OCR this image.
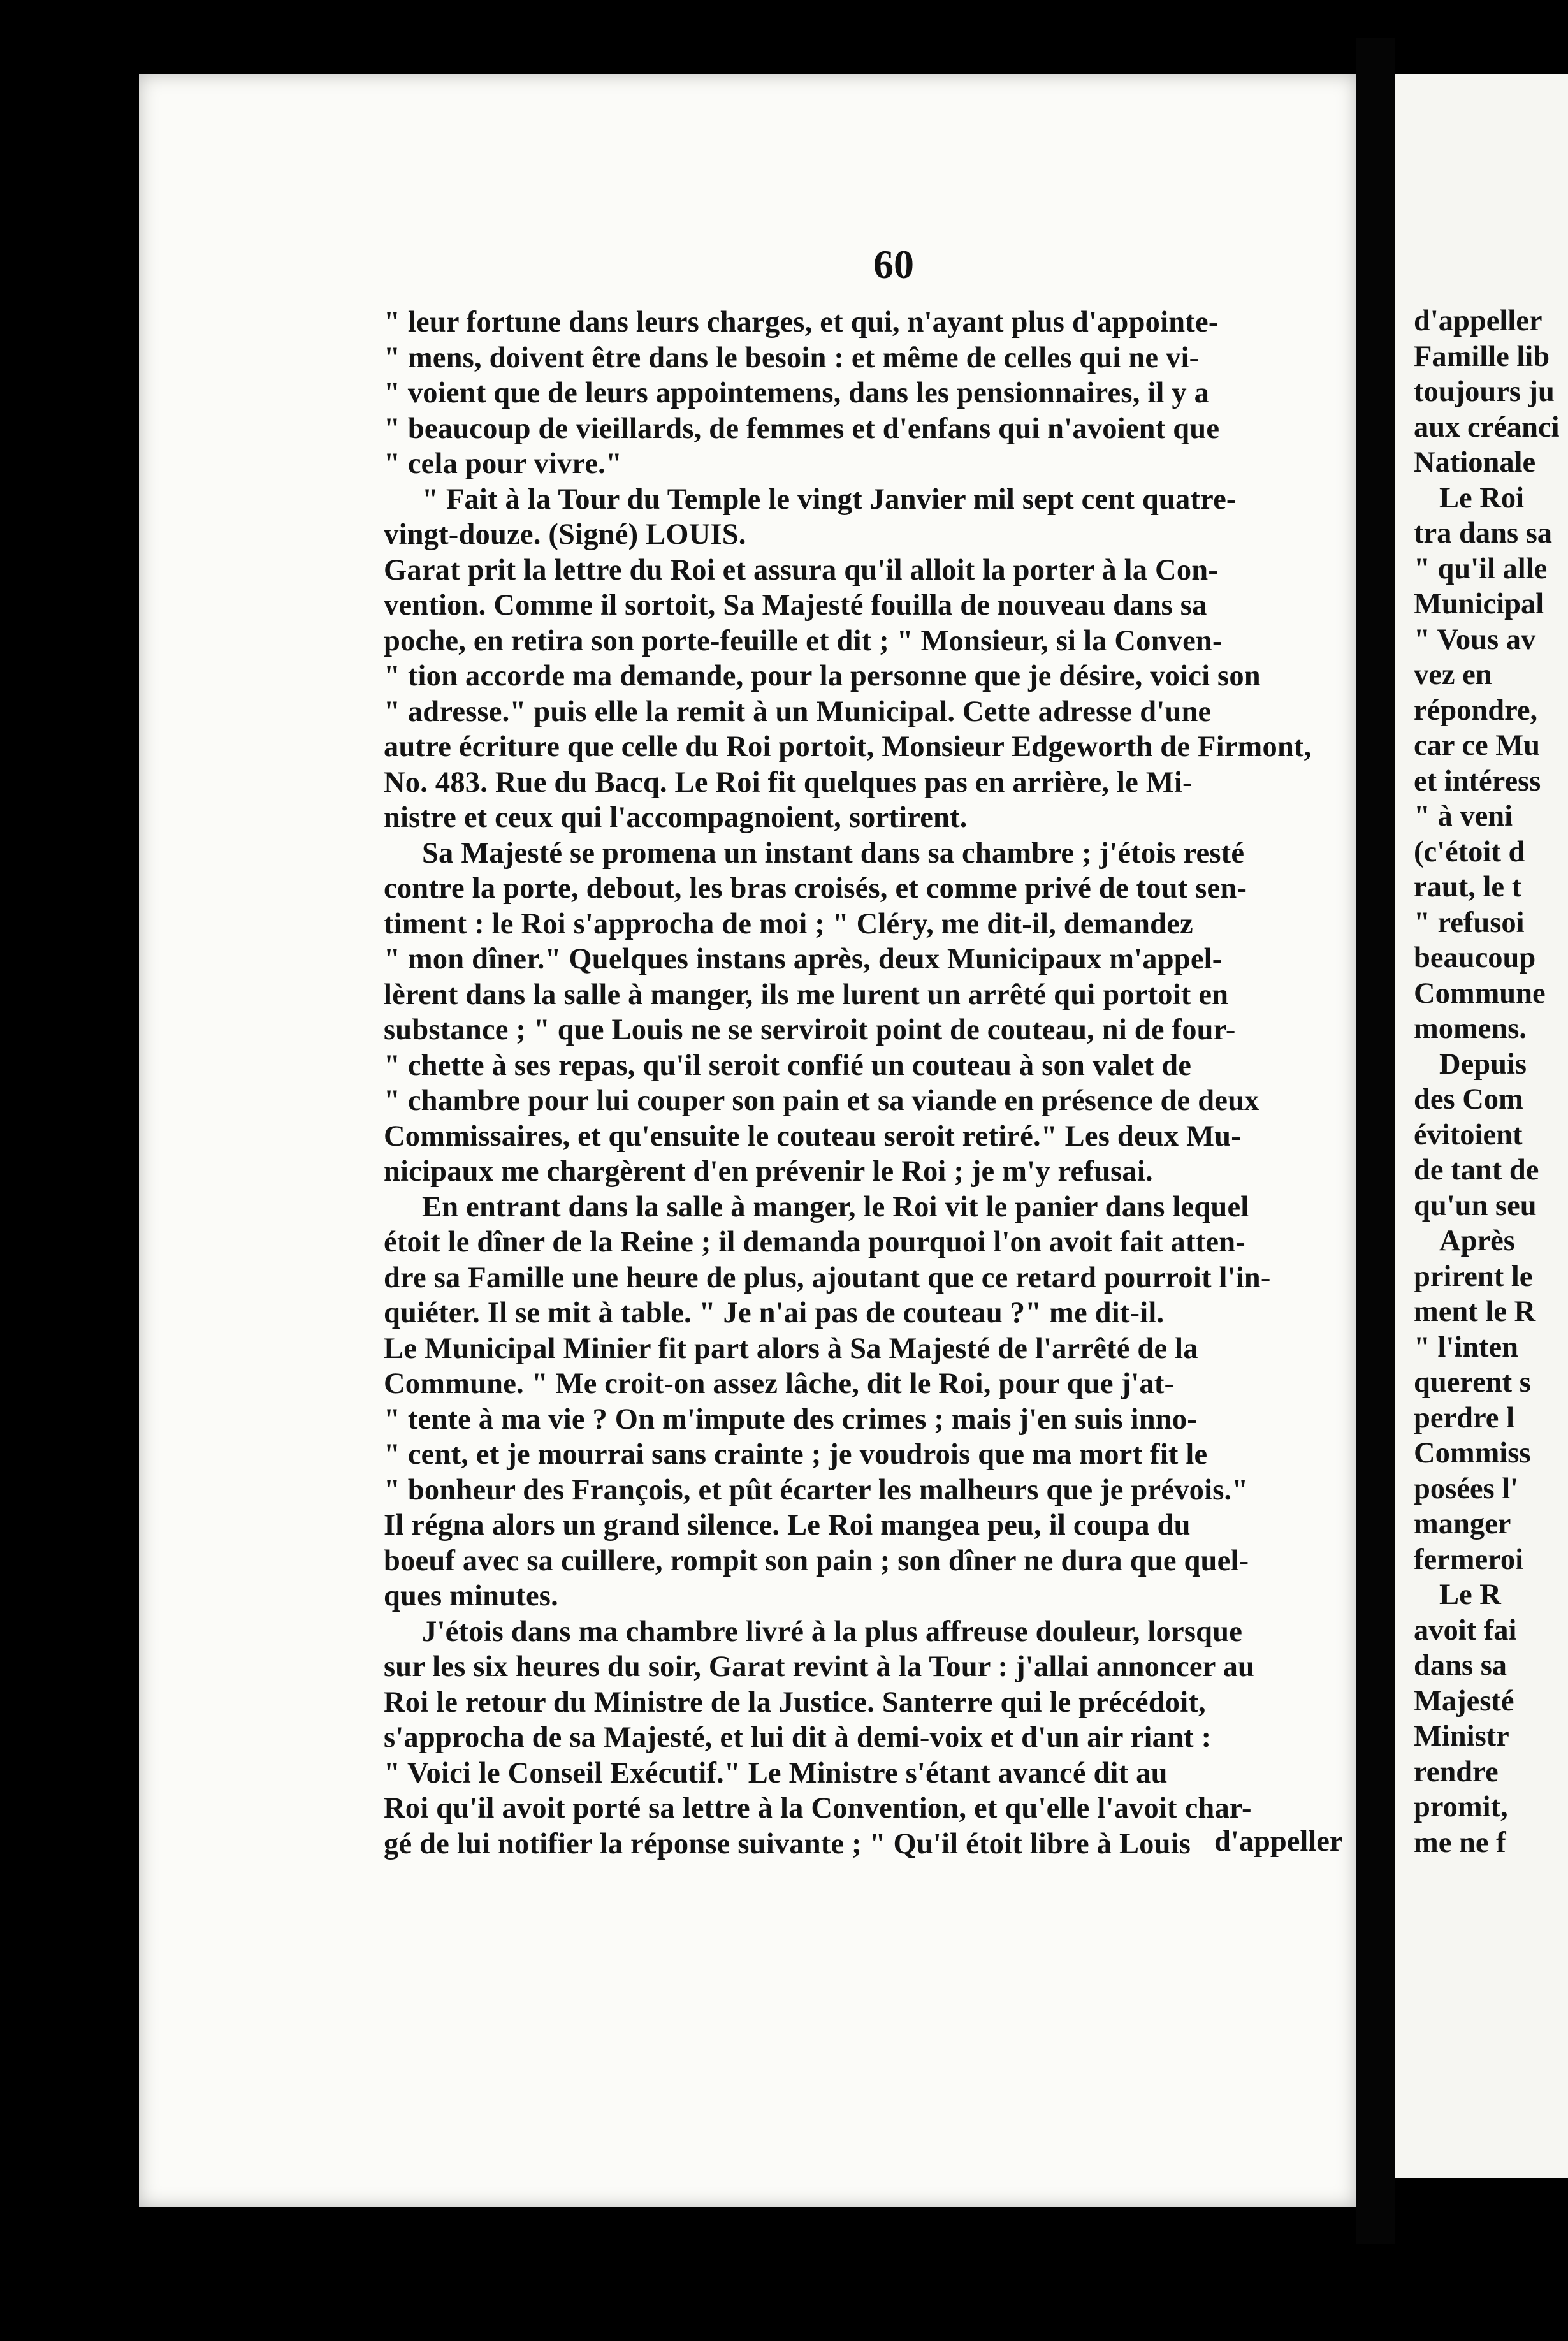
d'appeller
Famille lib
toujours ju
aux créanci
Nationale
Le Roi
tra dans sa
" qu'il alle
Municipal
" Vous av
vez en
répondre,
car ce Mu
et intéress
" à veni
(c'étoit d
raut, le t
" refusoi
beaucoup
Commune
momens.
Depuis
des Com
évitoient
de tant de
qu'un seu
Après
prirent le
ment le R
" l'inten
querent s
perdre l
Commiss
posées l'
manger
fermeroi
Le R
avoit fai
dans sa
Majesté
Ministr
rendre
promit,
me ne f
60
" leur fortune dans leurs charges, et qui, n'ayant plus d'appointe-
" mens, doivent être dans le besoin : et même de celles qui ne vi-
" voient que de leurs appointemens, dans les pensionnaires, il y a
" beaucoup de vieillards, de femmes et d'enfans qui n'avoient que
" cela pour vivre."
" Fait à la Tour du Temple le vingt Janvier mil sept cent quatre-
vingt-douze. (Signé) LOUIS.
Garat prit la lettre du Roi et assura qu'il alloit la porter à la Con-
vention. Comme il sortoit, Sa Majesté fouilla de nouveau dans sa
poche, en retira son porte-feuille et dit ; " Monsieur, si la Conven-
" tion accorde ma demande, pour la personne que je désire, voici son
" adresse." puis elle la remit à un Municipal. Cette adresse d'une
autre écriture que celle du Roi portoit, Monsieur Edgeworth de Firmont,
No. 483. Rue du Bacq. Le Roi fit quelques pas en arrière, le Mi-
nistre et ceux qui l'accompagnoient, sortirent.
Sa Majesté se promena un instant dans sa chambre ; j'étois resté
contre la porte, debout, les bras croisés, et comme privé de tout sen-
timent : le Roi s'approcha de moi ; " Cléry, me dit-il, demandez
" mon dîner." Quelques instans après, deux Municipaux m'appel-
lèrent dans la salle à manger, ils me lurent un arrêté qui portoit en
substance ; " que Louis ne se serviroit point de couteau, ni de four-
" chette à ses repas, qu'il seroit confié un couteau à son valet de
" chambre pour lui couper son pain et sa viande en présence de deux
Commissaires, et qu'ensuite le couteau seroit retiré." Les deux Mu-
nicipaux me chargèrent d'en prévenir le Roi ; je m'y refusai.
En entrant dans la salle à manger, le Roi vit le panier dans lequel
étoit le dîner de la Reine ; il demanda pourquoi l'on avoit fait atten-
dre sa Famille une heure de plus, ajoutant que ce retard pourroit l'in-
quiéter. Il se mit à table. " Je n'ai pas de couteau ?" me dit-il.
Le Municipal Minier fit part alors à Sa Majesté de l'arrêté de la
Commune. " Me croit-on assez lâche, dit le Roi, pour que j'at-
" tente à ma vie ? On m'impute des crimes ; mais j'en suis inno-
" cent, et je mourrai sans crainte ; je voudrois que ma mort fit le
" bonheur des François, et pût écarter les malheurs que je prévois."
Il régna alors un grand silence. Le Roi mangea peu, il coupa du
boeuf avec sa cuillere, rompit son pain ; son dîner ne dura que quel-
ques minutes.
J'étois dans ma chambre livré à la plus affreuse douleur, lorsque
sur les six heures du soir, Garat revint à la Tour : j'allai annoncer au
Roi le retour du Ministre de la Justice. Santerre qui le précédoit,
s'approcha de sa Majesté, et lui dit à demi-voix et d'un air riant :
" Voici le Conseil Exécutif." Le Ministre s'étant avancé dit au
Roi qu'il avoit porté sa lettre à la Convention, et qu'elle l'avoit char-
gé de lui notifier la réponse suivante ; " Qu'il étoit libre à Louis d'appeller
